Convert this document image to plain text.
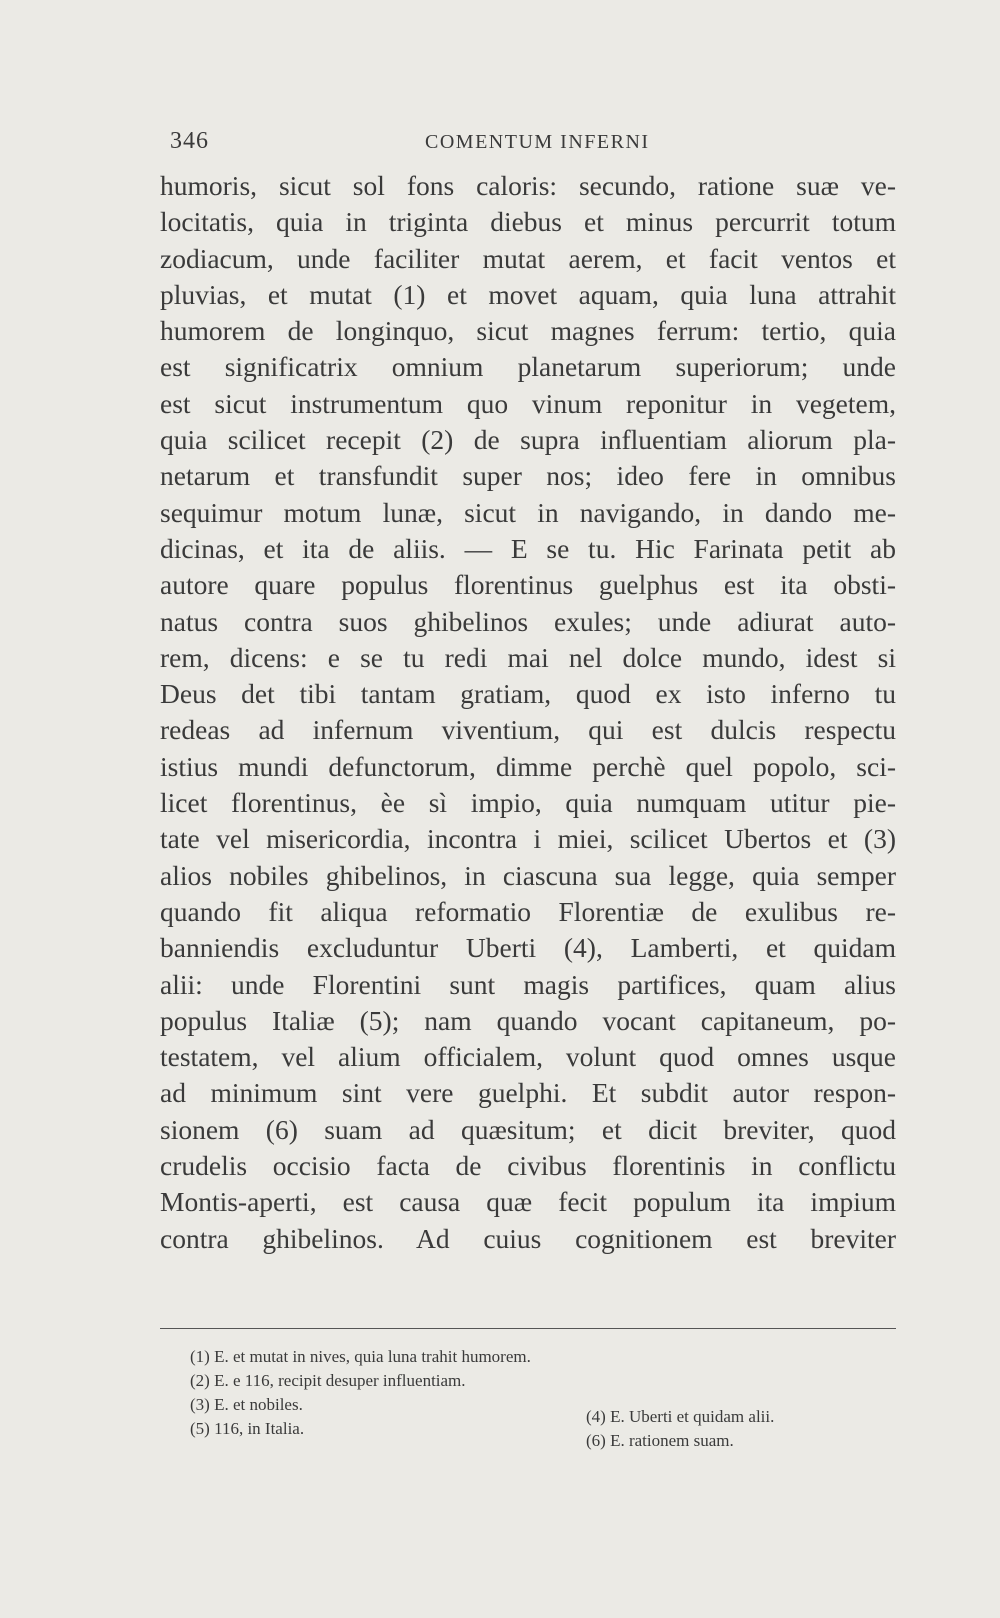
346	COMENTUM INFERNI
humoris, sicut sol fons caloris: secundo, ratione suæ ve-
locitatis, quia in triginta diebus et minus percurrit totum
zodiacum, unde faciliter mutat aerem, et facit ventos et
pluvias, et mutat (1) et movet aquam, quia luna attrahit
humorem de longinquo, sicut magnes ferrum: tertio, quia
est significatrix omnium planetarum superiorum; unde
est sicut instrumentum quo vinum reponitur in vegetem,
quia scilicet recepit (2) de supra influentiam aliorum pla-
netarum et transfundit super nos; ideo fere in omnibus
sequimur motum lunæ, sicut in navigando, in dando me-
dicinas, et ita de aliis. — E se tu. Hic Farinata petit ab
autore quare populus florentinus guelphus est ita obsti-
natus contra suos ghibelinos exules; unde adiurat auto-
rem, dicens: e se tu redi mai nel dolce mundo, idest si
Deus det tibi tantam gratiam, quod ex isto inferno tu
redeas ad infernum viventium, qui est dulcis respectu
istius mundi defunctorum, dimme perchè quel popolo, sci-
licet florentinus, èe sì impio, quia numquam utitur pie-
tate vel misericordia, incontra i miei, scilicet Ubertos et (3)
alios nobiles ghibelinos, in ciascuna sua legge, quia semper
quando fit aliqua reformatio Florentiæ de exulibus re-
banniendis excluduntur Uberti (4), Lamberti, et quidam
alii: unde Florentini sunt magis partifices, quam alius
populus Italiæ (5); nam quando vocant capitaneum, po-
testatem, vel alium officialem, volunt quod omnes usque
ad minimum sint vere guelphi. Et subdit autor respon-
sionem (6) suam ad quæsitum; et dicit breviter, quod
crudelis occisio facta de civibus florentinis in conflictu
Montis-aperti, est causa quæ fecit populum ita impium
contra ghibelinos. Ad cuius cognitionem est breviter
(1) E. et mutat in nives, quia luna trahit humorem.
(2) E. e 116, recipit desuper influentiam.
(3) E. et nobiles.
(5) 116, in Italia.
(4) E. Uberti et quidam alii.
(6) E. rationem suam.
